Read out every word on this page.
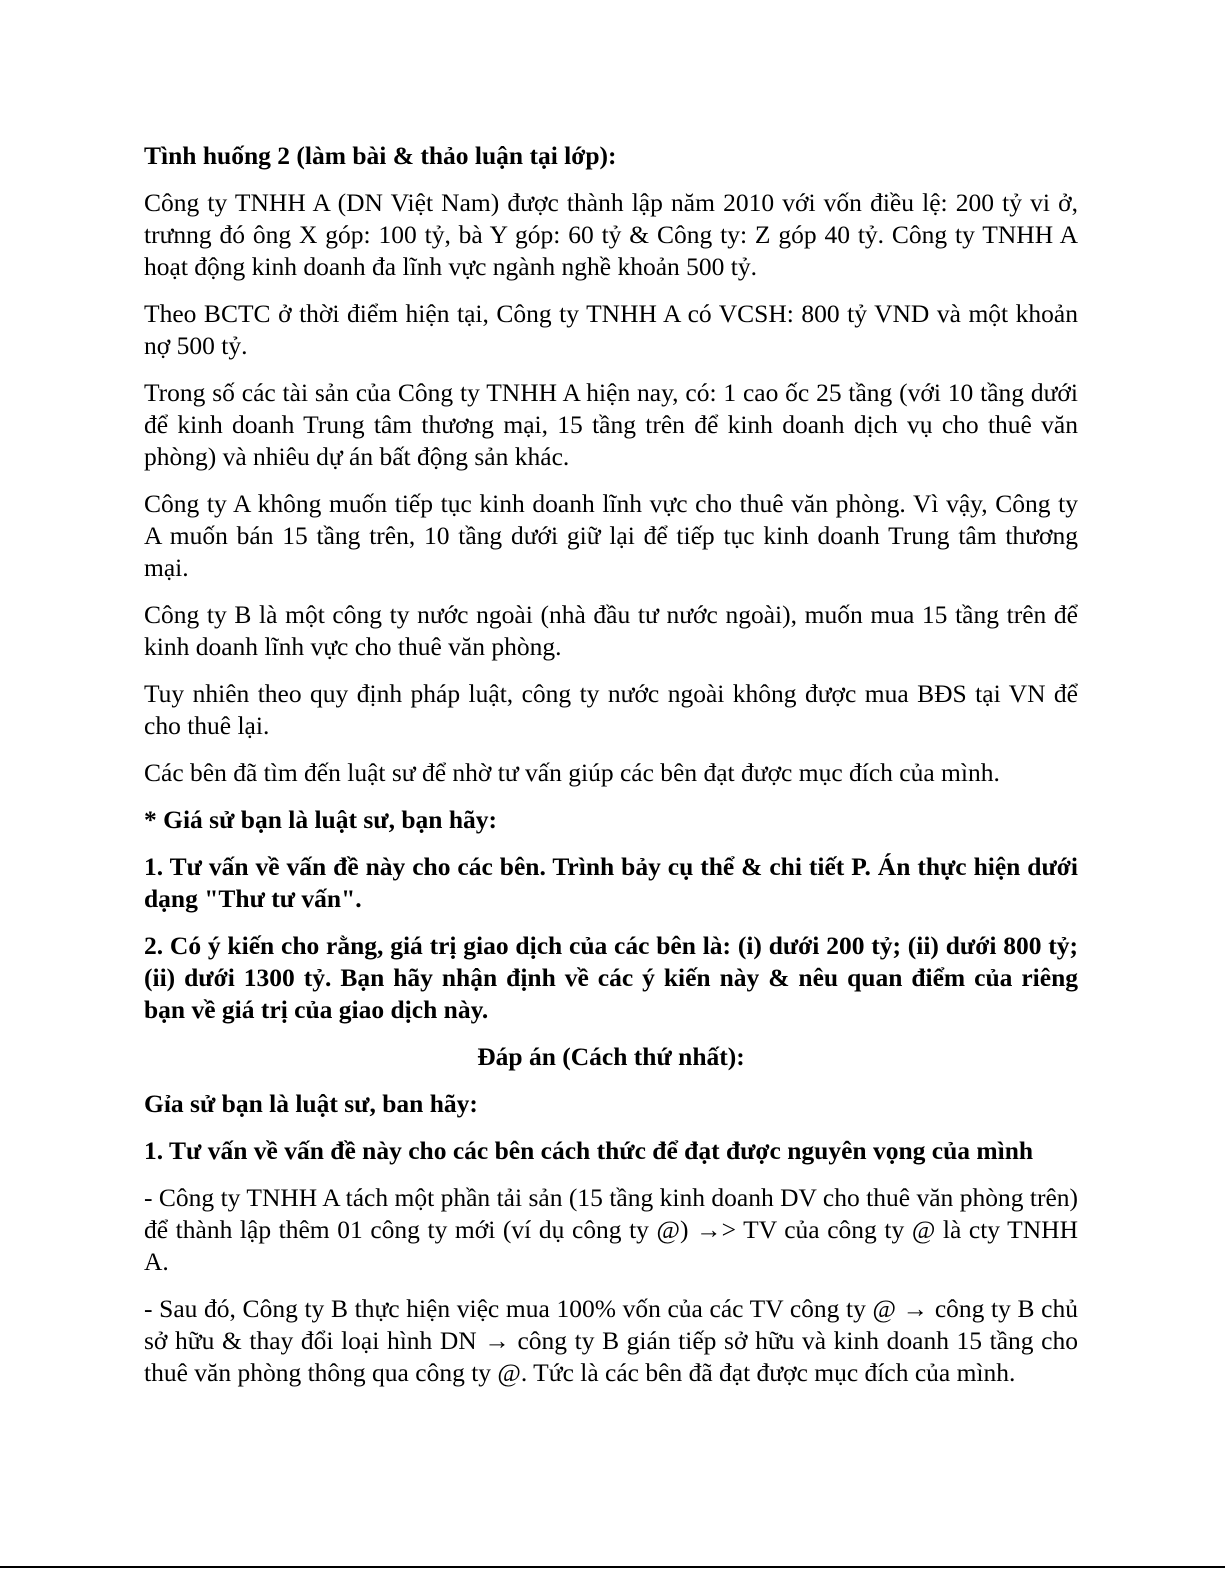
Tình huống 2 (làm bài & thảo luận tại lớp):

Công ty TNHH A (DN Việt Nam) được thành lập năm 2010 với vốn điều lệ: 200 tỷ vi ở, trưnng đó ông X góp: 100 tỷ, bà Y góp: 60 tỷ & Công ty: Z góp 40 tỷ. Công ty TNHH A hoạt động kinh doanh đa lĩnh vực ngành nghề khoản 500 tỷ.

Theo BCTC ở thời điểm hiện tại, Công ty TNHH A có VCSH: 800 tỷ VND và một khoản nợ 500 tỷ.

Trong số các tài sản của Công ty TNHH A hiện nay, có: 1 cao ốc 25 tầng (với 10 tầng dưới để kinh doanh Trung tâm thương mại, 15 tầng trên để kinh doanh dịch vụ cho thuê văn phòng) và nhiêu dự án bất động sản khác.

Công ty A không muốn tiếp tục kinh doanh lĩnh vực cho thuê văn phòng. Vì vậy, Công ty A muốn bán 15 tầng trên, 10 tầng dưới giữ lại để tiếp tục kinh doanh Trung tâm thương mại.

Công ty B là một công ty nước ngoài (nhà đầu tư nước ngoài), muốn mua 15 tầng trên để kinh doanh lĩnh vực cho thuê văn phòng.

Tuy nhiên theo quy định pháp luật, công ty nước ngoài không được mua BĐS tại VN để cho thuê lại.

Các bên đã tìm đến luật sư để nhờ tư vấn giúp các bên đạt được mục đích của mình.

* Giá sử bạn là luật sư, bạn hãy:

1. Tư vấn về vấn đề này cho các bên. Trình bảy cụ thể & chi tiết P. Án thực hiện dưới dạng "Thư tư vấn".

2. Có ý kiến cho rằng, giá trị giao dịch của các bên là: (i) dưới 200 tỷ; (ii) dưới 800 tỷ; (ii) dưới 1300 tỷ. Bạn hãy nhận định về các ý kiến này & nêu quan điểm của riêng bạn về giá trị của giao dịch này.

Đáp án (Cách thứ nhất):

Gỉa sử bạn là luật sư, ban hãy:

1. Tư vấn về vấn đề này cho các bên cách thức để đạt được nguyên vọng của mình

- Công ty TNHH A tách một phần tải sản (15 tầng kinh doanh DV cho thuê văn phòng trên) để thành lập thêm 01 công ty mới (ví dụ công ty @) →> TV của công ty @ là cty TNHH A.

- Sau đó, Công ty B thực hiện việc mua 100% vốn của các TV công ty @ → công ty B chủ sở hữu & thay đổi loại hình DN → công ty B gián tiếp sở hữu và kinh doanh 15 tầng cho thuê văn phòng thông qua công ty @. Tức là các bên đã đạt được mục đích của mình.
